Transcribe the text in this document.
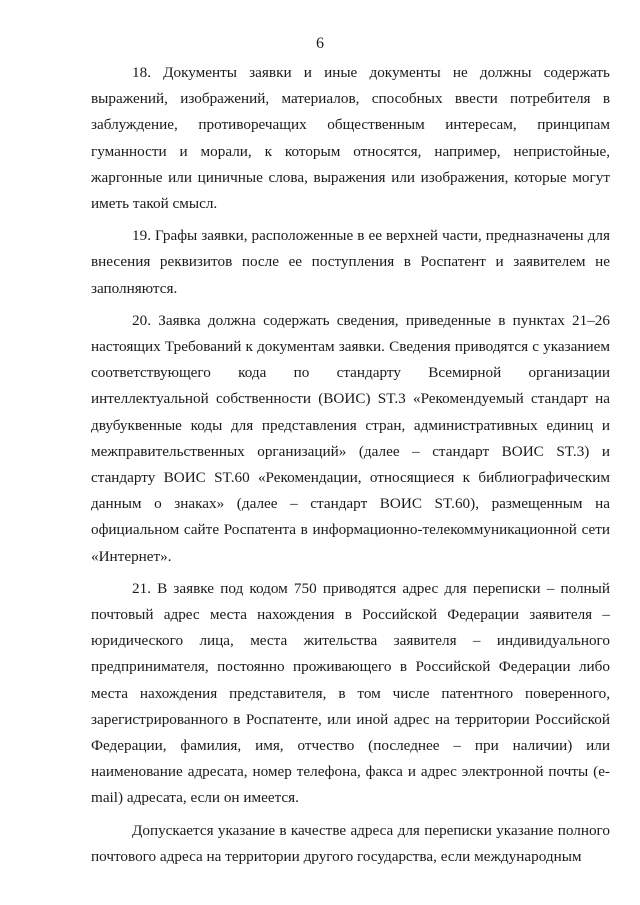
6

18. Документы заявки и иные документы не должны содержать выражений, изображений, материалов, способных ввести потребителя в заблуждение, противоречащих общественным интересам, принципам гуманности и морали, к которым относятся, например, непристойные, жаргонные или циничные слова, выражения или изображения, которые могут иметь такой смысл.

19. Графы заявки, расположенные в ее верхней части, предназначены для внесения реквизитов после ее поступления в Роспатент и заявителем не заполняются.

20. Заявка должна содержать сведения, приведенные в пунктах 21–26 настоящих Требований к документам заявки. Сведения приводятся с указанием соответствующего кода по стандарту Всемирной организации интеллектуальной собственности (ВОИС) ST.3 «Рекомендуемый стандарт на двубуквенные коды для представления стран, административных единиц и межправительственных организаций» (далее – стандарт ВОИС ST.3) и стандарту ВОИС ST.60 «Рекомендации, относящиеся к библиографическим данным о знаках» (далее – стандарт ВОИС ST.60), размещенным на официальном сайте Роспатента в информационно-телекоммуникационной сети «Интернет».

21. В заявке под кодом 750 приводятся адрес для переписки – полный почтовый адрес места нахождения в Российской Федерации заявителя – юридического лица, места жительства заявителя – индивидуального предпринимателя, постоянно проживающего в Российской Федерации либо места нахождения представителя, в том числе патентного поверенного, зарегистрированного в Роспатенте, или иной адрес на территории Российской Федерации, фамилия, имя, отчество (последнее – при наличии) или наименование адресата, номер телефона, факса и адрес электронной почты (e-mail) адресата, если он имеется.

Допускается указание в качестве адреса для переписки указание полного почтового адреса на территории другого государства, если международным
